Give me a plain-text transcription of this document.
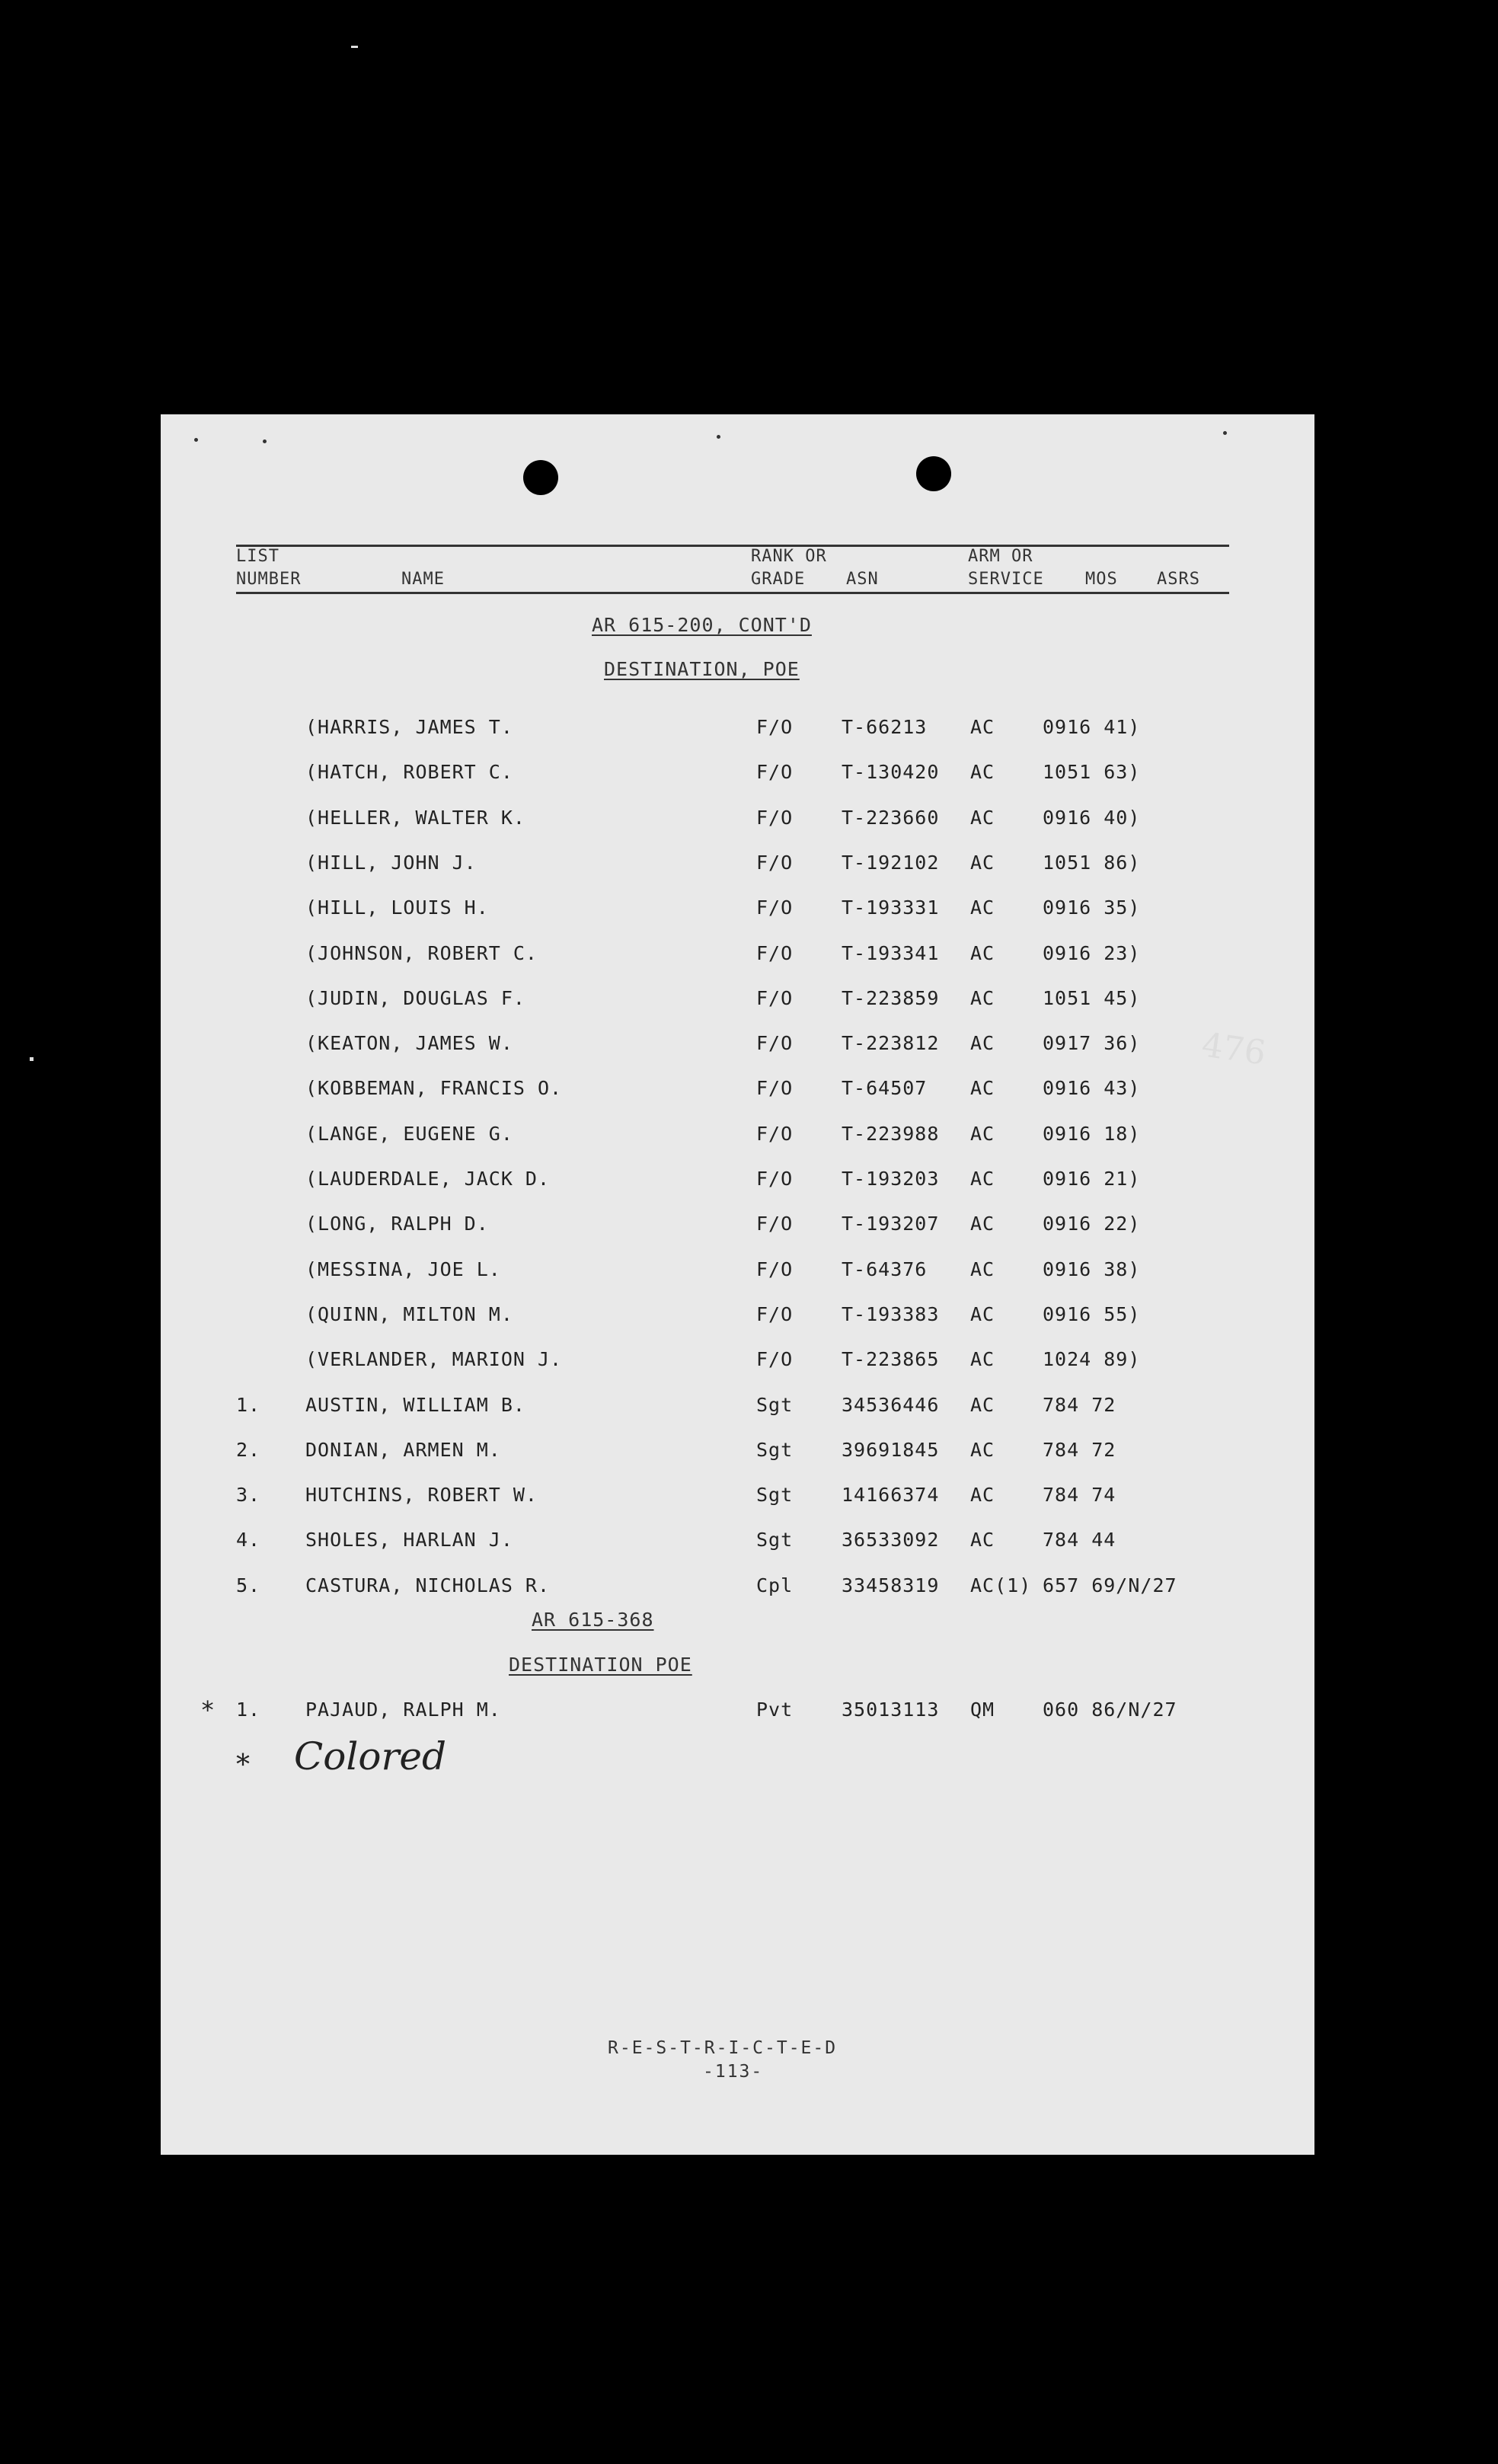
LIST
NUMBER	NAME
RANK OR
GRADE ASN
ARM OR
SERVICE MOS ASRS
AR 615-200, CONT'D
DESTINATION, POE
(HARRIS, JAMES T.	F/O	T-66213 AC	0916 41)
(HATCH, ROBERT C.	F/O	T-130420 AC	1051 63)
(HELLER, WALTER K.	F/O	T-223660 AC	0916 40)
(HILL, JOHN J.	F/O	T-192102 AC	1051 86)
(HILL, LOUIS H.	F/O	T-193331 AC	0916 35)
(JOHNSON, ROBERT C.	F/O	T-193341 AC	0916 23)
(JUDIN, DOUGLAS F.	F/O	T-223859 AC	1051 45)
(KEATON, JAMES W.	F/O	T-223812 AC	0917 36)
(KOBBEMAN, FRANCIS O.	F/O	T-64507 AC	0916 43)
(LANGE, EUGENE G.	F/O	T-223988 AC	0916 18)
(LAUDERDALE, JACK D.	F/O	T-193203 AC	0916 21)
(LONG, RALPH D.	F/O	T-193207 AC	0916 22)
(MESSINA, JOE L.	F/O	T-64376 AC	0916 38)
(QUINN, MILTON M.	F/O	T-193383 AC	0916 55)
(VERLANDER, MARION J.	F/O	T-223865 AC	1024 89)
1. AUSTIN, WILLIAM B.	Sgt	34536446 AC	784 72
2. DONIAN, ARMEN M.	Sgt	39691845 AC	784 72
3. HUTCHINS, ROBERT W.	Sgt	14166374 AC	784 74
4. SHOLES, HARLAN J.	Sgt	36533092 AC	784 44
5. CASTURA, NICHOLAS R.	Cpl	33458319 AC(1) 657 69/N/27
AR 615-368
DESTINATION POE
* 1. PAJAUD, RALPH M.	Pvt	35013113 QM	060 86/N/27
* Colored
R-E-S-T-R-I-C-T-E-D
-113-
476
